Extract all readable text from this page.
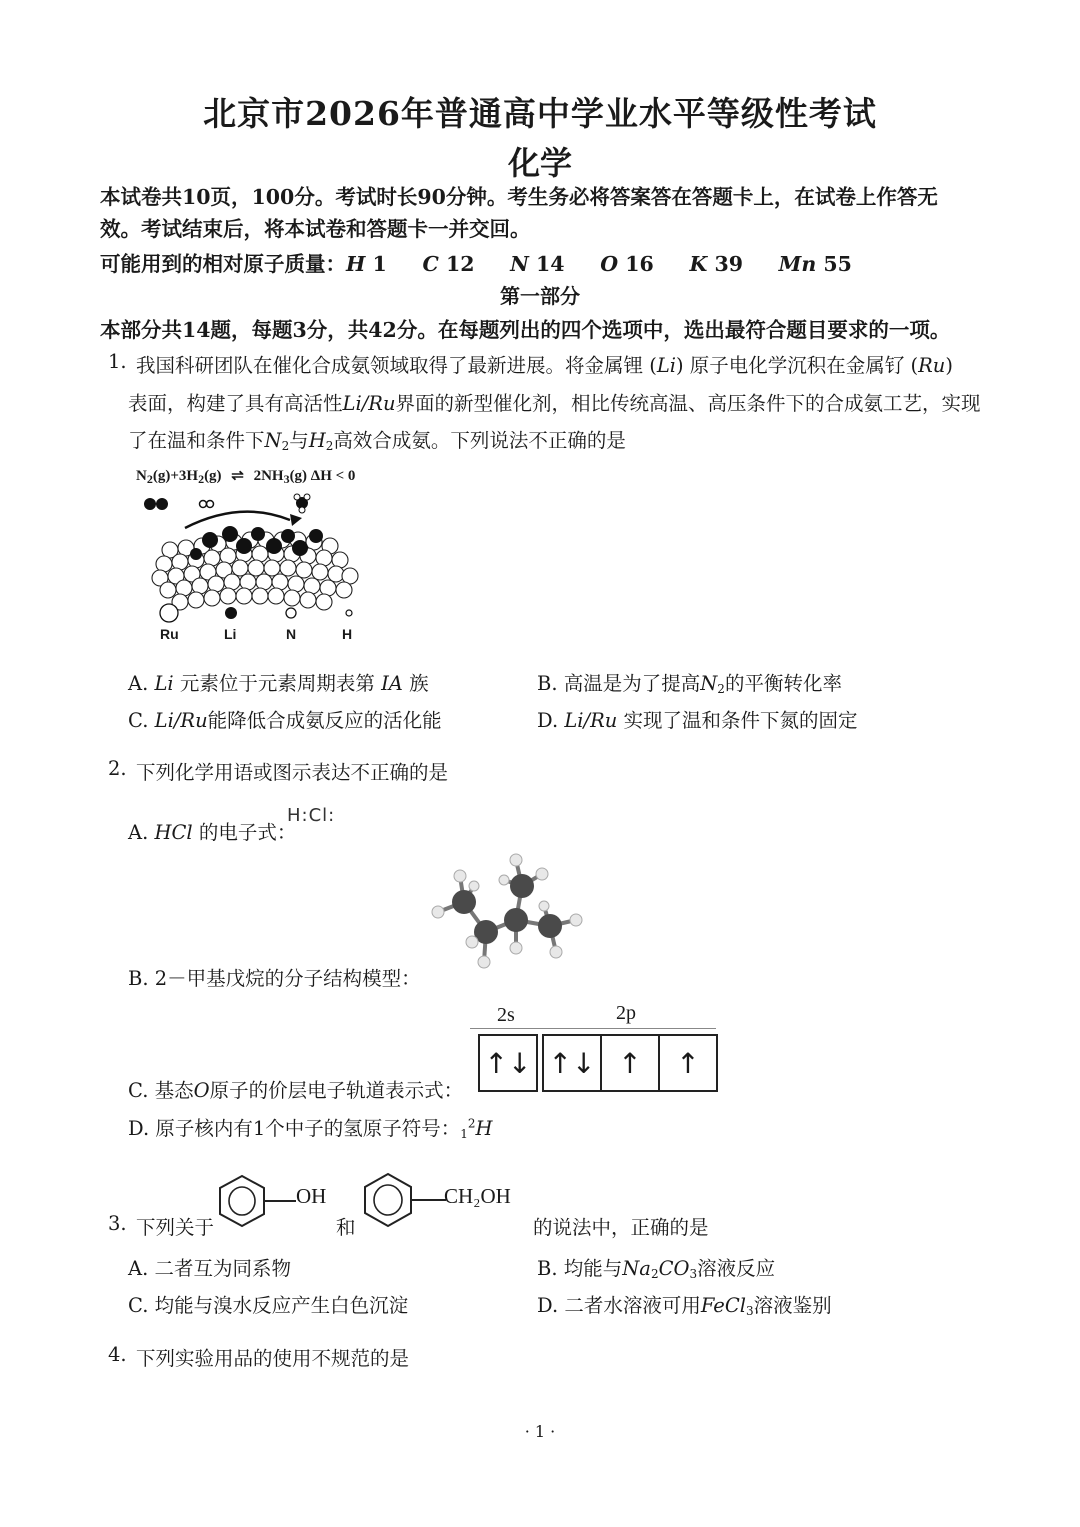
北京市2026年普通高中学业水平等级性考试
化学
本试卷共10页，100分。考试时长90分钟。考生务必将答案答在答题卡上，在试卷上作答无
效。考试结束后，将本试卷和答题卡一并交回。
可能用到的相对原子质量：H 1 C 12 N 14 O 16 K 39 Mn 55
第一部分
本部分共14题，每题3分，共42分。在每题列出的四个选项中，选出最符合题目要求的一项。
1. 我国科研团队在催化合成氨领域取得了最新进展。将金属锂 (Li) 原子电化学沉积在金属钌 (Ru)
表面，构建了具有高活性Li/Ru界面的新型催化剂，相比传统高温、高压条件下的合成氨工艺，实现
了在温和条件下$N_2$与$H_2$高效合成氨。下列说法不正确的是
$N_2(g)+3H_2(g)$ ⇌ $2NH_3(g) \Delta H < 0$
Ru	Li	N	H
A. Li 元素位于元素周期表第 IA 族	B. 高温是为了提高$N_2$的平衡转化率
C. Li/Ru能降低合成氨反应的活化能	D. Li/Ru 实现了温和条件下氮的固定
2. 下列化学用语或图示表达不正确的是
A. HCl 的电子式：
H:Cl:
B. 2－甲基戊烷的分子结构模型：
2s	2p
↑↓ ↑↓ ↑	↑
C. 基态O原子的价层电子轨道表示式：
D. 原子核内有1个中子的氢原子符号：$_1^2$H
3. 下列关于
OH
和
CH₂OH
的说法中，正确的是
A. 二者互为同系物	B. 均能与$Na_2CO_3$溶液反应
C. 均能与溴水反应产生白色沉淀	D. 二者水溶液可用FeCl$_3$溶液鉴别
4. 下列实验用品的使用不规范的是
· 1 ·
